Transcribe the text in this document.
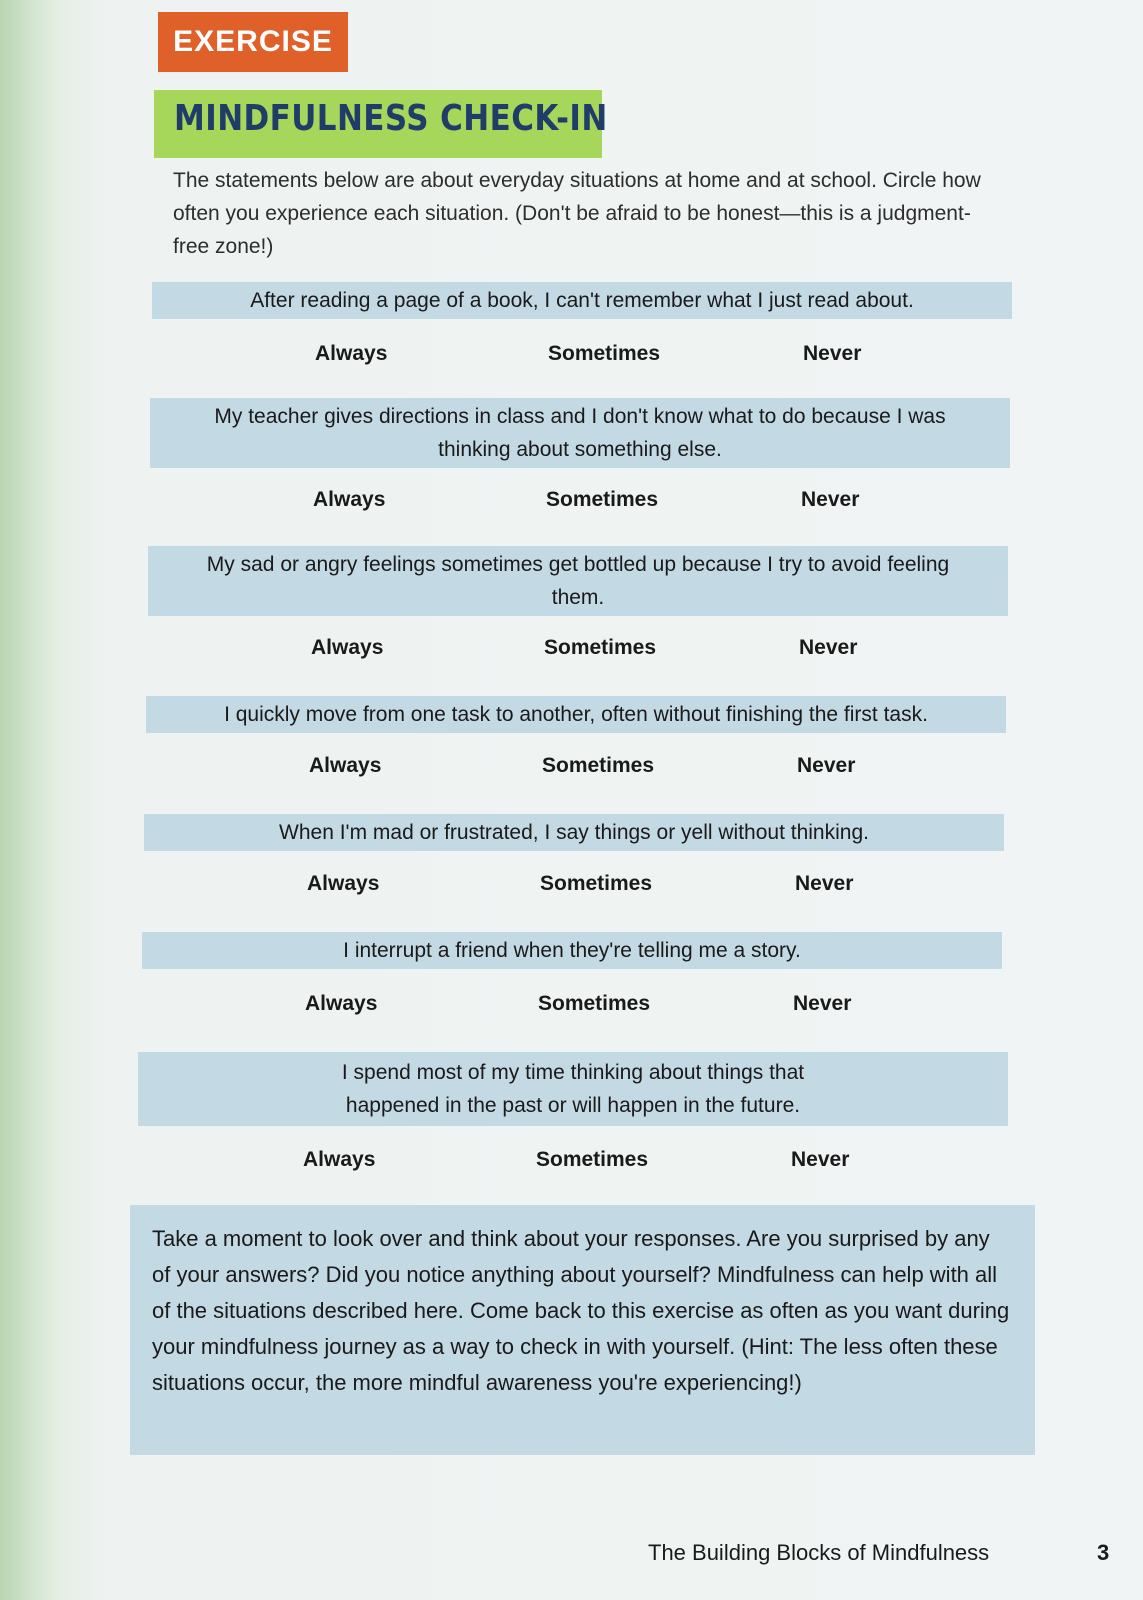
EXERCISE
MINDFULNESS CHECK-IN

The statements below are about everyday situations at home and at school. Circle how often you experience each situation. (Don't be afraid to be honest—this is a judgment-free zone!)

After reading a page of a book, I can't remember what I just read about.
Always	Sometimes	Never
My teacher gives directions in class and I don't know what to do because I was thinking about something else.
Always	Sometimes	Never
My sad or angry feelings sometimes get bottled up because I try to avoid feeling them.
Always	Sometimes	Never
I quickly move from one task to another, often without finishing the first task.
Always	Sometimes	Never
When I'm mad or frustrated, I say things or yell without thinking.
Always	Sometimes	Never
I interrupt a friend when they're telling me a story.
Always	Sometimes	Never
I spend most of my time thinking about things that happened in the past or will happen in the future.
Always	Sometimes	Never
Take a moment to look over and think about your responses. Are you surprised by any of your answers? Did you notice anything about yourself? Mindfulness can help with all of the situations described here. Come back to this exercise as often as you want during your mindfulness journey as a way to check in with yourself. (Hint: The less often these situations occur, the more mindful awareness you're experiencing!)
The Building Blocks of Mindfulness	3
